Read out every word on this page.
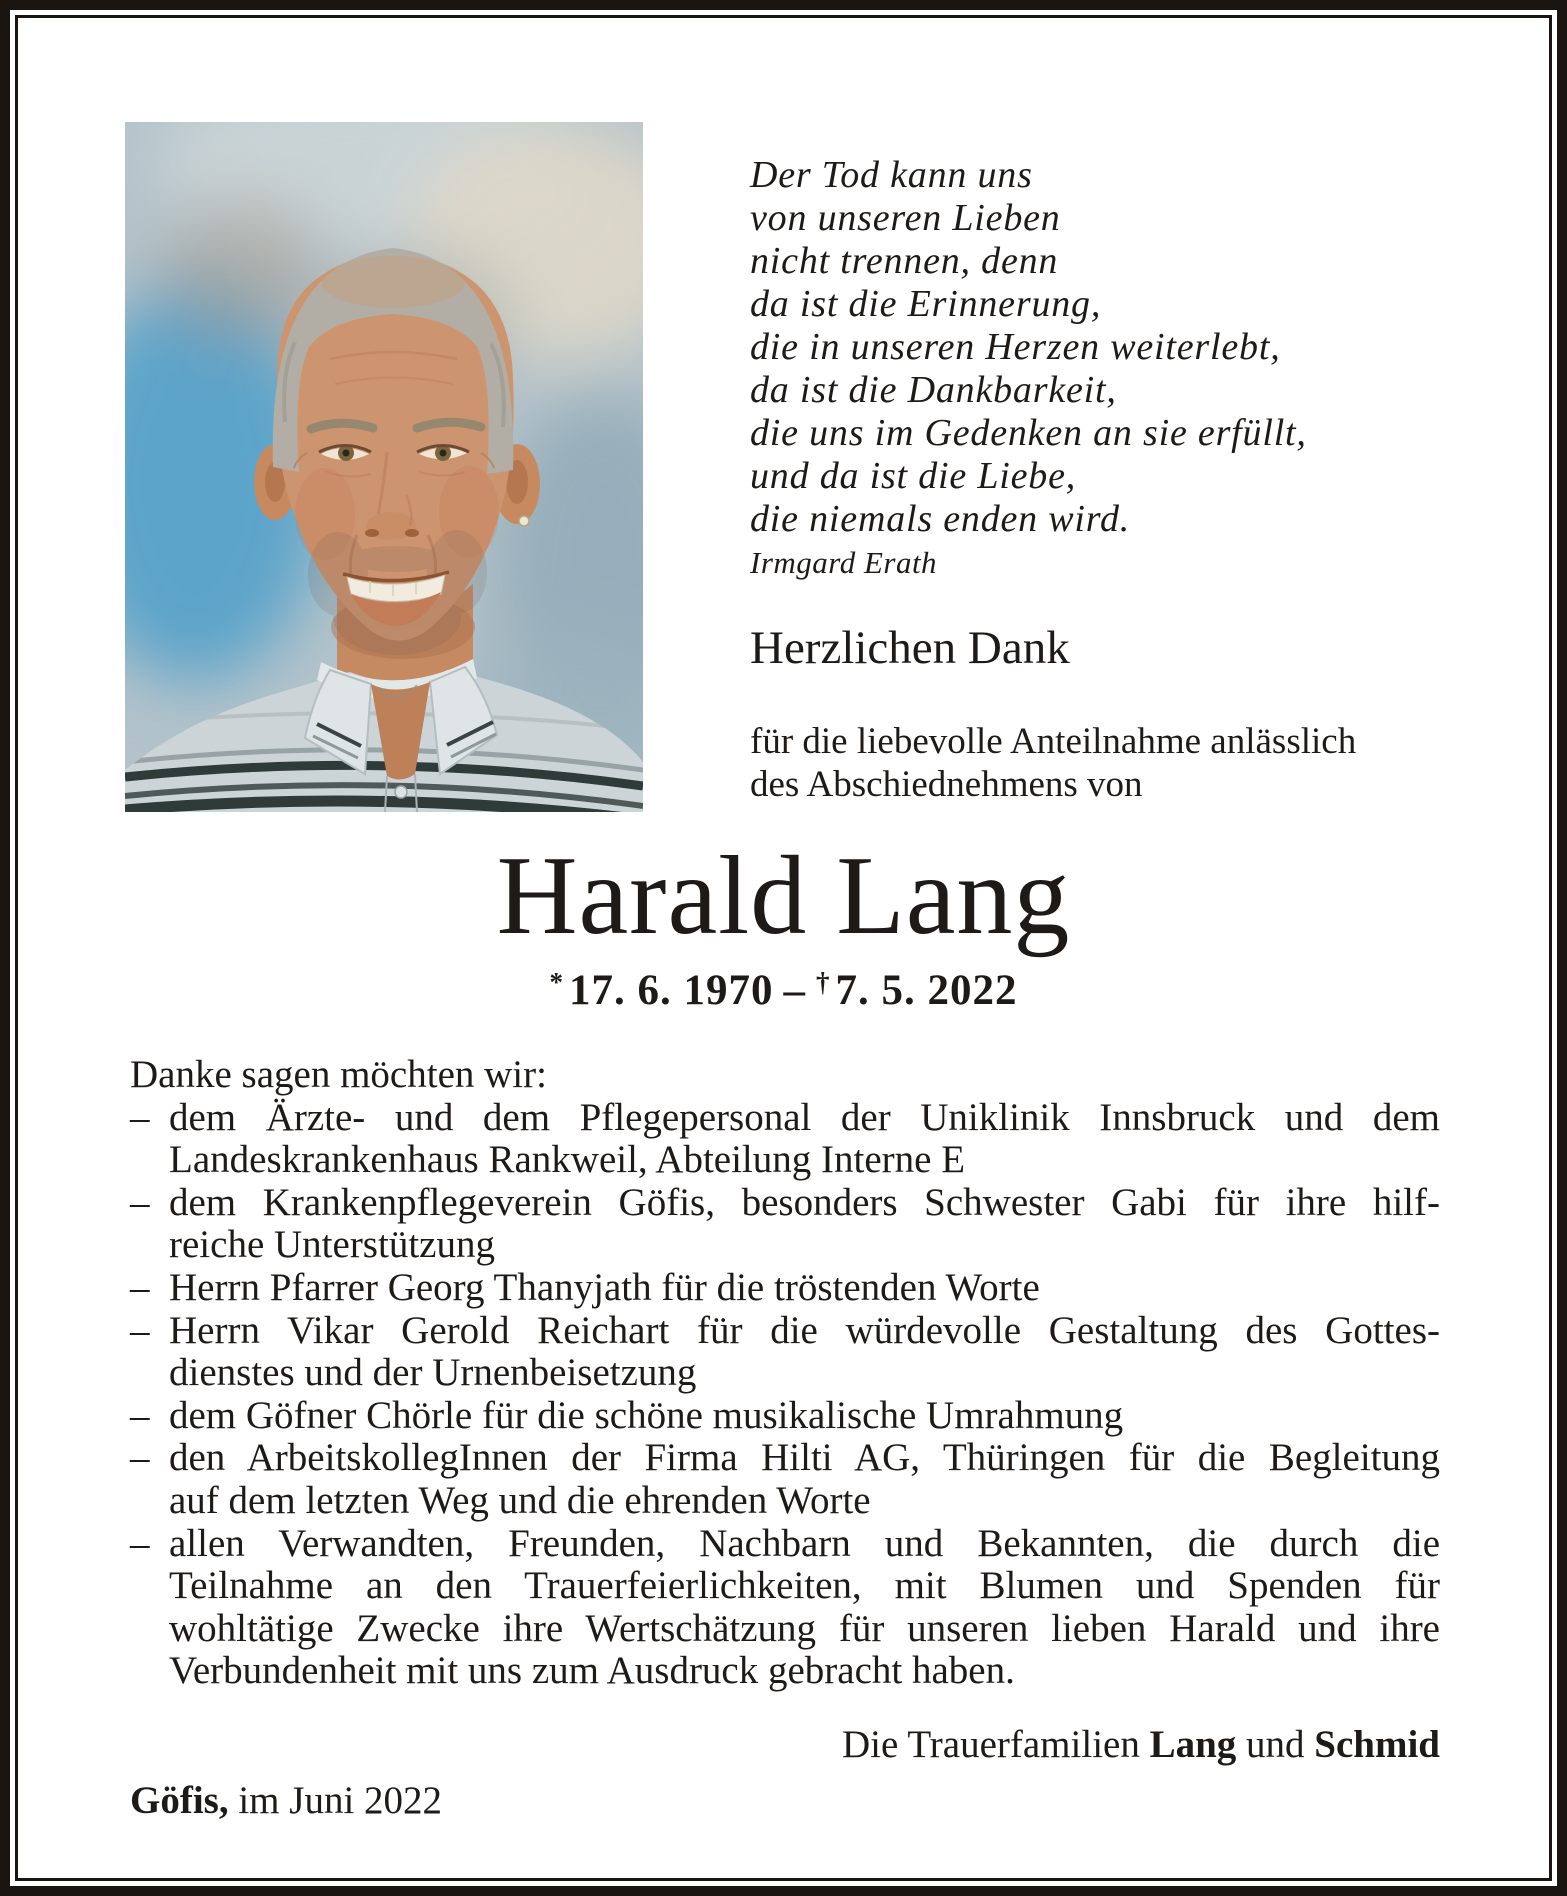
Der Tod kann uns
von unseren Lieben
nicht trennen, denn
da ist die Erinnerung,
die in unseren Herzen weiterlebt,
da ist die Dankbarkeit,
die uns im Gedenken an sie erfüllt,
und da ist die Liebe,
die niemals enden wird.
Irmgard Erath
Herzlichen Dank
für die liebevolle Anteilnahme anlässlich
des Abschiednehmens von
Harald Lang
* 17. 6. 1970 – † 7. 5. 2022
Danke sagen möchten wir:
– dem Ärzte- und dem Pflegepersonal der Uniklinik Innsbruck und dem
Landeskrankenhaus Rankweil, Abteilung Interne E
– dem Krankenpflegeverein Göfis, besonders Schwester Gabi für ihre hilf-
reiche Unterstützung
– Herrn Pfarrer Georg Thanyjath für die tröstenden Worte
– Herrn Vikar Gerold Reichart für die würdevolle Gestaltung des Gottes-
dienstes und der Urnenbeisetzung
– dem Göfner Chörle für die schöne musikalische Umrahmung
– den ArbeitskollegInnen der Firma Hilti AG, Thüringen für die Begleitung
auf dem letzten Weg und die ehrenden Worte
– allen Verwandten, Freunden, Nachbarn und Bekannten, die durch die
Teilnahme an den Trauerfeierlichkeiten, mit Blumen und Spenden für
wohltätige Zwecke ihre Wertschätzung für unseren lieben Harald und ihre
Verbundenheit mit uns zum Ausdruck gebracht haben.
Die Trauerfamilien Lang und Schmid
Göfis, im Juni 2022
